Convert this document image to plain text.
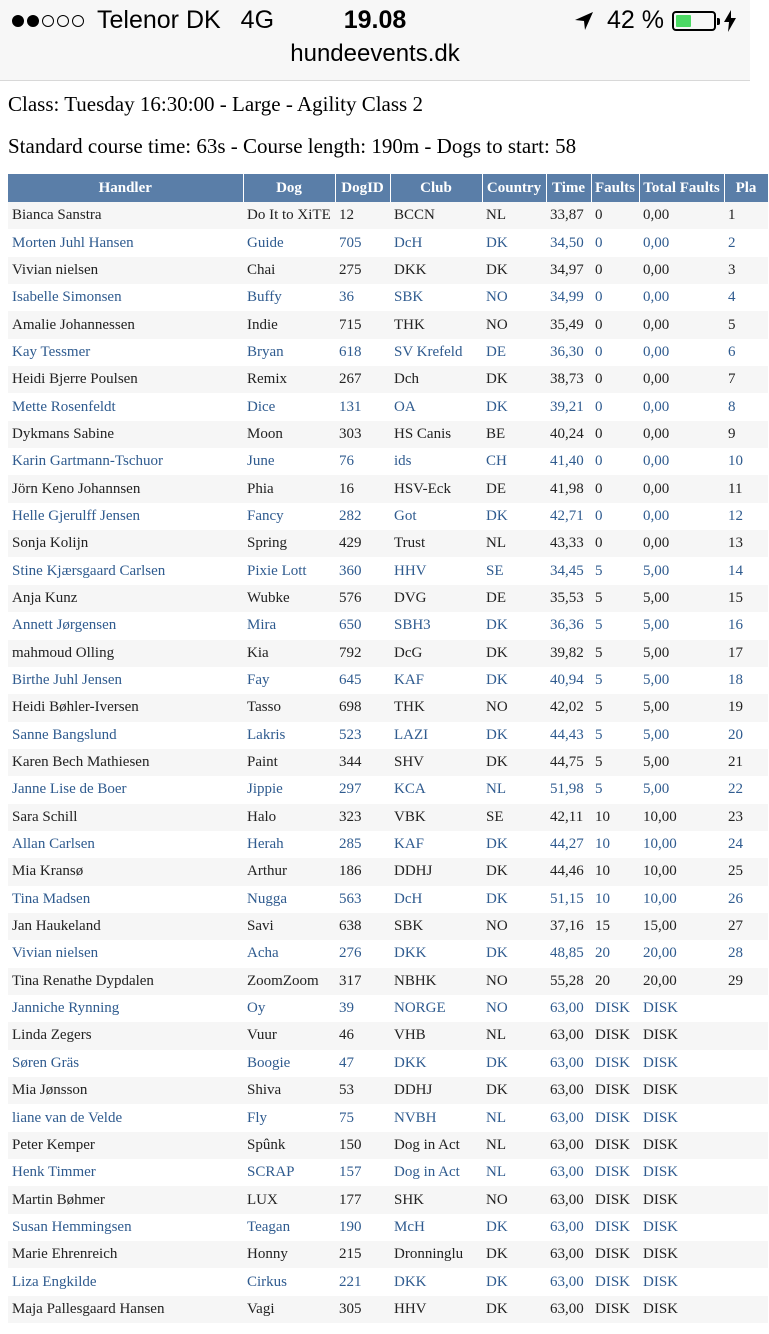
Telenor DK 4G	19.08	42 %
hundeevents.dk
Class: Tuesday 16:30:00 - Large - Agility Class 2
Standard course time: 63s - Course length: 190m - Dogs to start: 58
Handler	Dog	DogID	Club	Country	Time	Faults	Total Faults	Pla
Bianca Sanstra	Do It to XiTE	12	BCCN	NL	33,87	0	0,00	1
Morten Juhl Hansen	Guide	705	DcH	DK	34,50	0	0,00	2
Vivian nielsen	Chai	275	DKK	DK	34,97	0	0,00	3
Isabelle Simonsen	Buffy	36	SBK	NO	34,99	0	0,00	4
Amalie Johannessen	Indie	715	THK	NO	35,49	0	0,00	5
Kay Tessmer	Bryan	618	SV Krefeld	DE	36,30	0	0,00	6
Heidi Bjerre Poulsen	Remix	267	Dch	DK	38,73	0	0,00	7
Mette Rosenfeldt	Dice	131	OA	DK	39,21	0	0,00	8
Dykmans Sabine	Moon	303	HS Canis	BE	40,24	0	0,00	9
Karin Gartmann-Tschuor	June	76	ids	CH	41,40	0	0,00	10
Jörn Keno Johannsen	Phia	16	HSV-Eck	DE	41,98	0	0,00	11
Helle Gjerulff Jensen	Fancy	282	Got	DK	42,71	0	0,00	12
Sonja Kolijn	Spring	429	Trust	NL	43,33	0	0,00	13
Stine Kjærsgaard Carlsen	Pixie Lott	360	HHV	SE	34,45	5	5,00	14
Anja Kunz	Wubke	576	DVG	DE	35,53	5	5,00	15
Annett Jørgensen	Mira	650	SBH3	DK	36,36	5	5,00	16
mahmoud Olling	Kia	792	DcG	DK	39,82	5	5,00	17
Birthe Juhl Jensen	Fay	645	KAF	DK	40,94	5	5,00	18
Heidi Bøhler-Iversen	Tasso	698	THK	NO	42,02	5	5,00	19
Sanne Bangslund	Lakris	523	LAZI	DK	44,43	5	5,00	20
Karen Bech Mathiesen	Paint	344	SHV	DK	44,75	5	5,00	21
Janne Lise de Boer	Jippie	297	KCA	NL	51,98	5	5,00	22
Sara Schill	Halo	323	VBK	SE	42,11	10	10,00	23
Allan Carlsen	Herah	285	KAF	DK	44,27	10	10,00	24
Mia Kransø	Arthur	186	DDHJ	DK	44,46	10	10,00	25
Tina Madsen	Nugga	563	DcH	DK	51,15	10	10,00	26
Jan Haukeland	Savi	638	SBK	NO	37,16	15	15,00	27
Vivian nielsen	Acha	276	DKK	DK	48,85	20	20,00	28
Tina Renathe Dypdalen	ZoomZoom	317	NBHK	NO	55,28	20	20,00	29
Janniche Rynning	Oy	39	NORGE	NO	63,00	DISK	DISK	
Linda Zegers	Vuur	46	VHB	NL	63,00	DISK	DISK	
Søren Gräs	Boogie	47	DKK	DK	63,00	DISK	DISK	
Mia Jønsson	Shiva	53	DDHJ	DK	63,00	DISK	DISK	
liane van de Velde	Fly	75	NVBH	NL	63,00	DISK	DISK	
Peter Kemper	Spûnk	150	Dog in Act	NL	63,00	DISK	DISK	
Henk Timmer	SCRAP	157	Dog in Act	NL	63,00	DISK	DISK	
Martin Bøhmer	LUX	177	SHK	NO	63,00	DISK	DISK	
Susan Hemmingsen	Teagan	190	McH	DK	63,00	DISK	DISK	
Marie Ehrenreich	Honny	215	Dronninglu	DK	63,00	DISK	DISK	
Liza Engkilde	Cirkus	221	DKK	DK	63,00	DISK	DISK	
Maja Pallesgaard Hansen	Vagi	305	HHV	DK	63,00	DISK	DISK	
